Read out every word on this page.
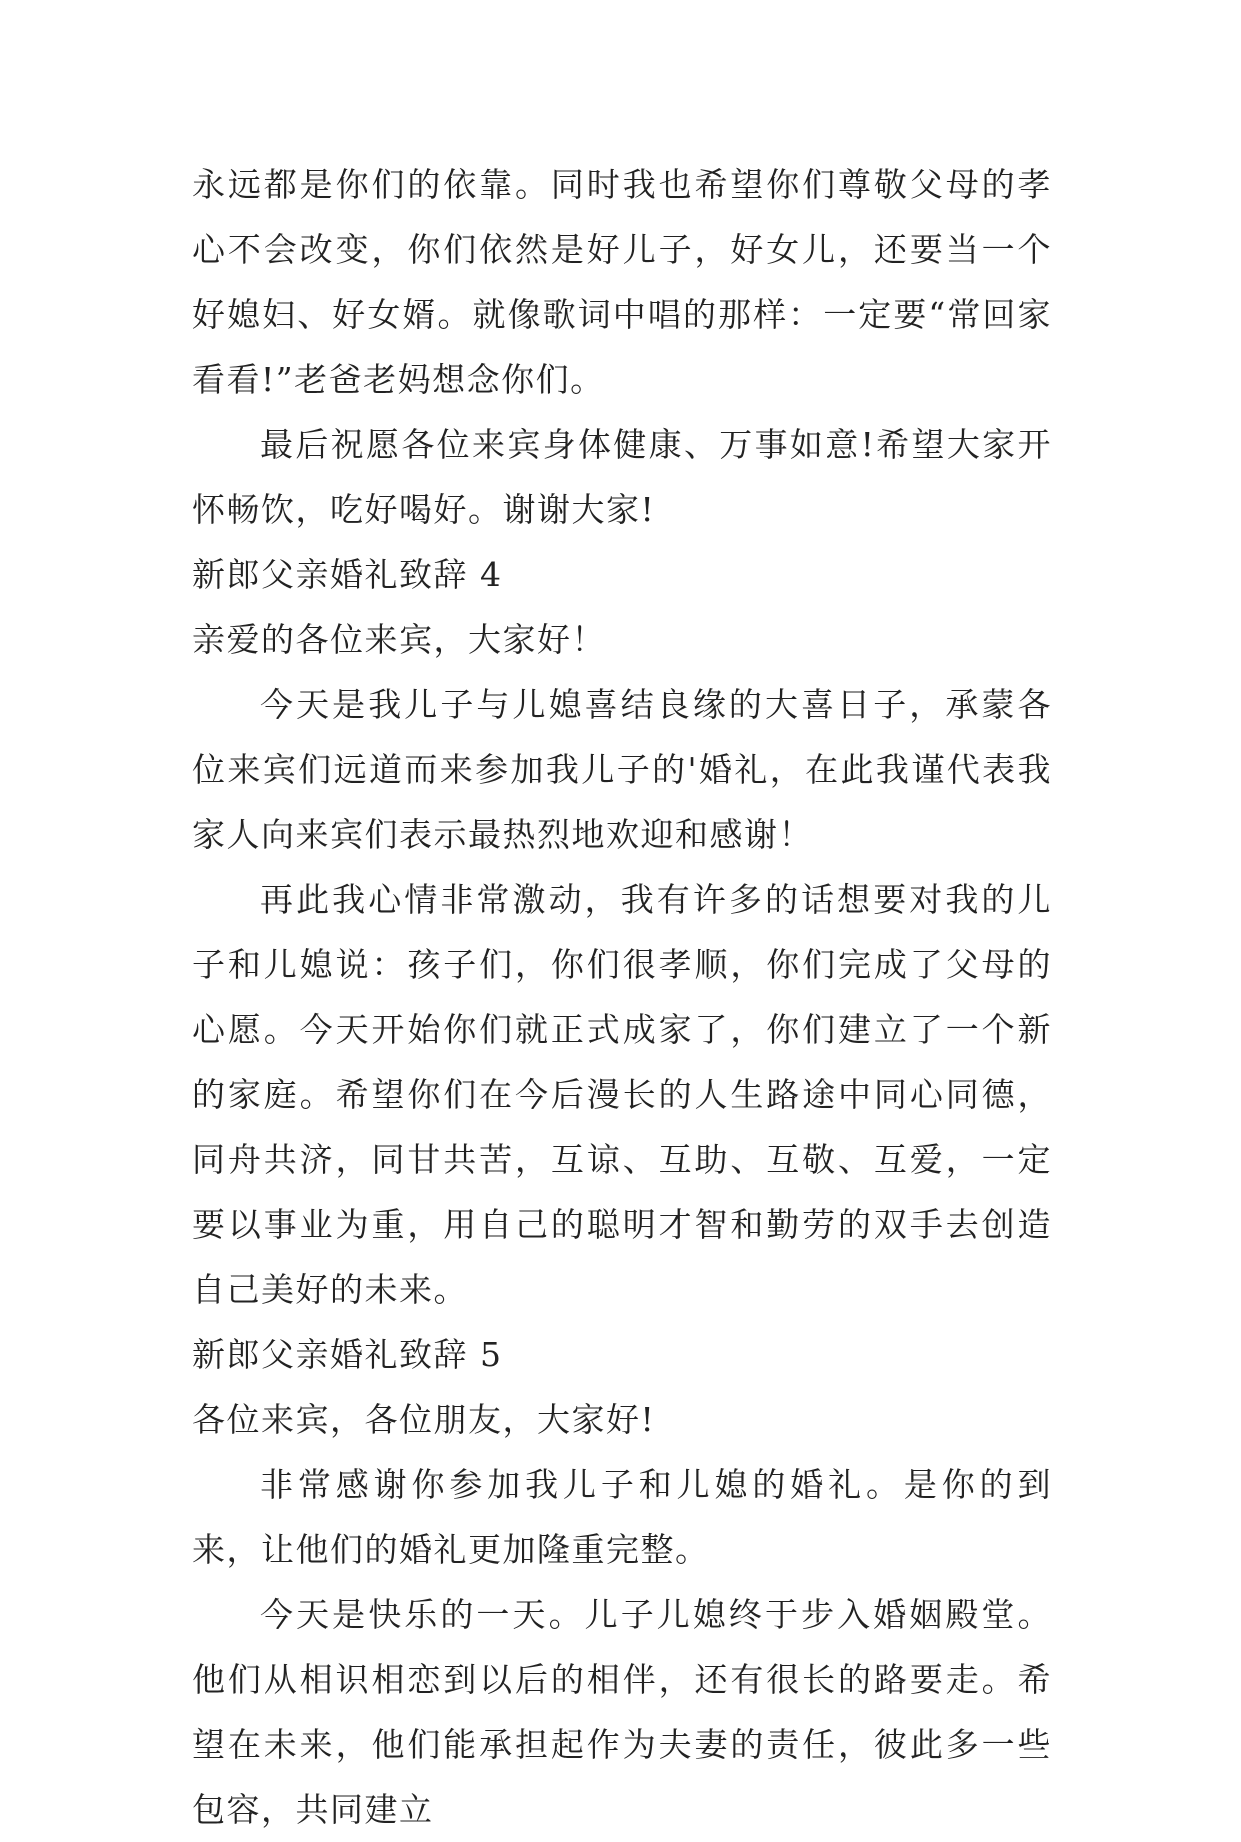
永远都是你们的依靠。同时我也希望你们尊敬父母的孝心不会改变，你们依然是好儿子，好女儿，还要当一个好媳妇、好女婿。就像歌词中唱的那样：一定要“常回家看看!”老爸老妈想念你们。

最后祝愿各位来宾身体健康、万事如意!希望大家开怀畅饮，吃好喝好。谢谢大家!

新郎父亲婚礼致辞 4

亲爱的各位来宾，大家好！

今天是我儿子与儿媳喜结良缘的大喜日子，承蒙各位来宾们远道而来参加我儿子的'婚礼，在此我谨代表我家人向来宾们表示最热烈地欢迎和感谢！

再此我心情非常激动，我有许多的话想要对我的儿子和儿媳说：孩子们，你们很孝顺，你们完成了父母的心愿。今天开始你们就正式成家了，你们建立了一个新的家庭。希望你们在今后漫长的人生路途中同心同德，同舟共济，同甘共苦，互谅、互助、互敬、互爱，一定要以事业为重，用自己的聪明才智和勤劳的双手去创造自己美好的未来。

新郎父亲婚礼致辞 5

各位来宾，各位朋友，大家好!

非常感谢你参加我儿子和儿媳的婚礼。是你的到来，让他们的婚礼更加隆重完整。

今天是快乐的一天。儿子儿媳终于步入婚姻殿堂。他们从相识相恋到以后的相伴，还有很长的路要走。希望在未来，他们能承担起作为夫妻的责任，彼此多一些包容，共同建立
